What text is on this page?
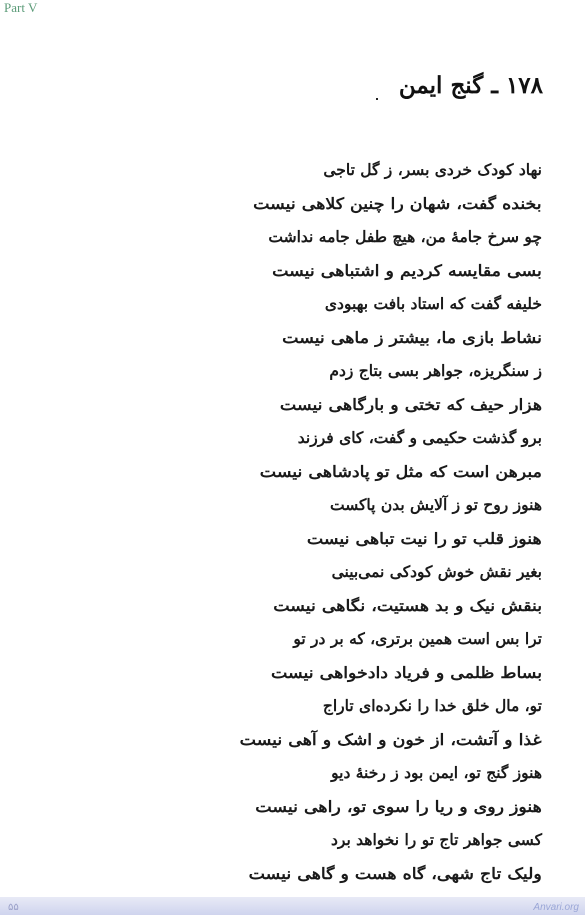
Part V
۱۷۸ ـ گنج ایمن
نهاد کودک خردی بسر، ز گل تاجی
بخنده گفت، شهان را چنین کلاهی نیست
چو سرخ جامهٔ من، هیچ طفل جامه نداشت
بسی مقایسه کردیم و اشتباهی نیست
خلیفه گفت که استاد بافت بهبودی
نشاط بازی ما، بیشتر ز ماهی نیست
ز سنگریزه، جواهر بسی بتاج زدم
هزار حیف که تختی و بارگاهی نیست
برو گذشت حکیمی و گفت، کای فرزند
مبرهن است که مثل تو پادشاهی نیست
هنوز روح تو ز آلایش بدن پاکست
هنوز قلب تو را نیت تباهی نیست
بغیر نقش خوش کودکی نمی‌بینی
بنقش نیک و بد هستیت، نگاهی نیست
ترا بس است همین برتری، که بر در تو
بساط ظلمی و فریاد دادخواهی نیست
تو، مال خلق خدا را نکرده‌ای تاراج
غذا و آتشت، از خون و اشک و آهی نیست
هنوز گنج تو، ایمن بود ز رخنهٔ دیو
هنوز روی و ریا را سوی تو، راهی نیست
کسی جواهر تاج تو را نخواهد برد
ولیک تاج شهی، گاه هست و گاهی نیست
۵۵	Anvari.org
